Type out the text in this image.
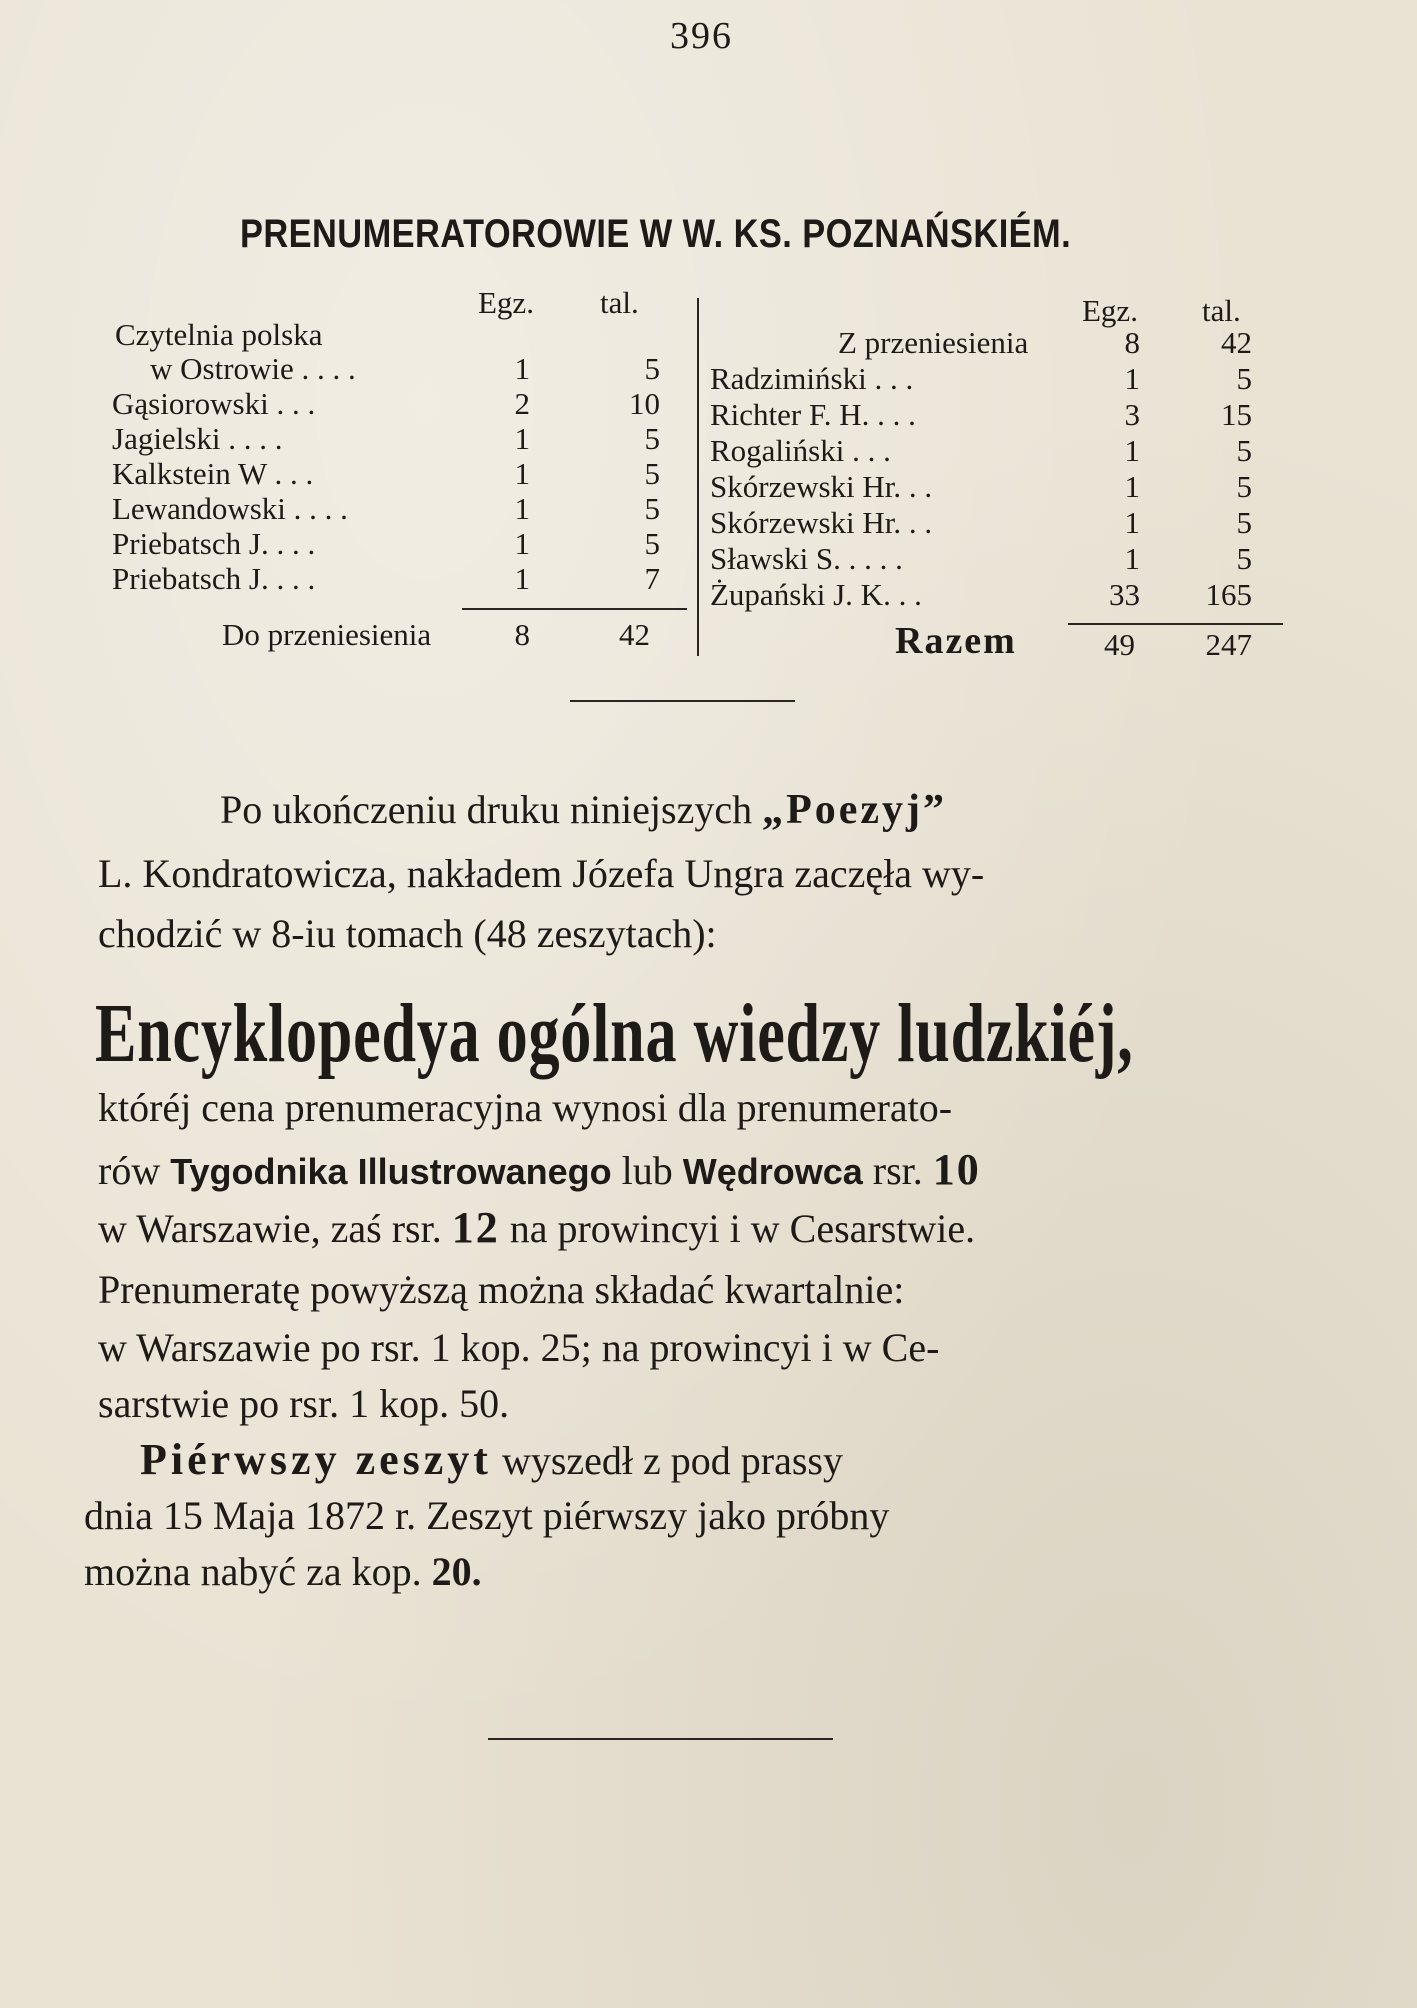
396
PRENUMERATOROWIE W W. KS. POZNAŃSKIÉM.
Egz. tal.
Czytelnia polska
w Ostrowie . . . .	1	5
Gąsiorowski . . .	2	10
Jagielski . . . .	1	5
Kalkstein W . . .	1	5
Lewandowski . . . .	1	5
Priebatsch J. . . .	1	5
Priebatsch J. . . .	1	7
Do przeniesienia	8	42
Egz. tal.
Z przeniesienia	8	42
Radzimiński . . .	1	5
Richter F. H. . . .	3	15
Rogaliński . . .	1	5
Skórzewski Hr. . .	1	5
Skórzewski Hr. . .	1	5
Sławski S. . . . .	1	5
Żupański J. K. . .	33	165
Razem	49	247
Po ukończeniu druku niniejszych „Poezyj”
L. Kondratowicza, nakładem Józefa Ungra zaczęła wy-
chodzić w 8-iu tomach (48 zeszytach):
Encyklopedya ogólna wiedzy ludzkiéj,
któréj cena prenumeracyjna wynosi dla prenumerato-
rów Tygodnika Illustrowanego lub Wędrowca rsr. 10
w Warszawie, zaś rsr. 12 na prowincyi i w Cesarstwie.
Prenumeratę powyższą można składać kwartalnie:
w Warszawie po rsr. 1 kop. 25; na prowincyi i w Ce-
sarstwie po rsr. 1 kop. 50.
Piérwszy zeszyt wyszedł z pod prassy
dnia 15 Maja 1872 r. Zeszyt piérwszy jako próbny
można nabyć za kop. 20.
